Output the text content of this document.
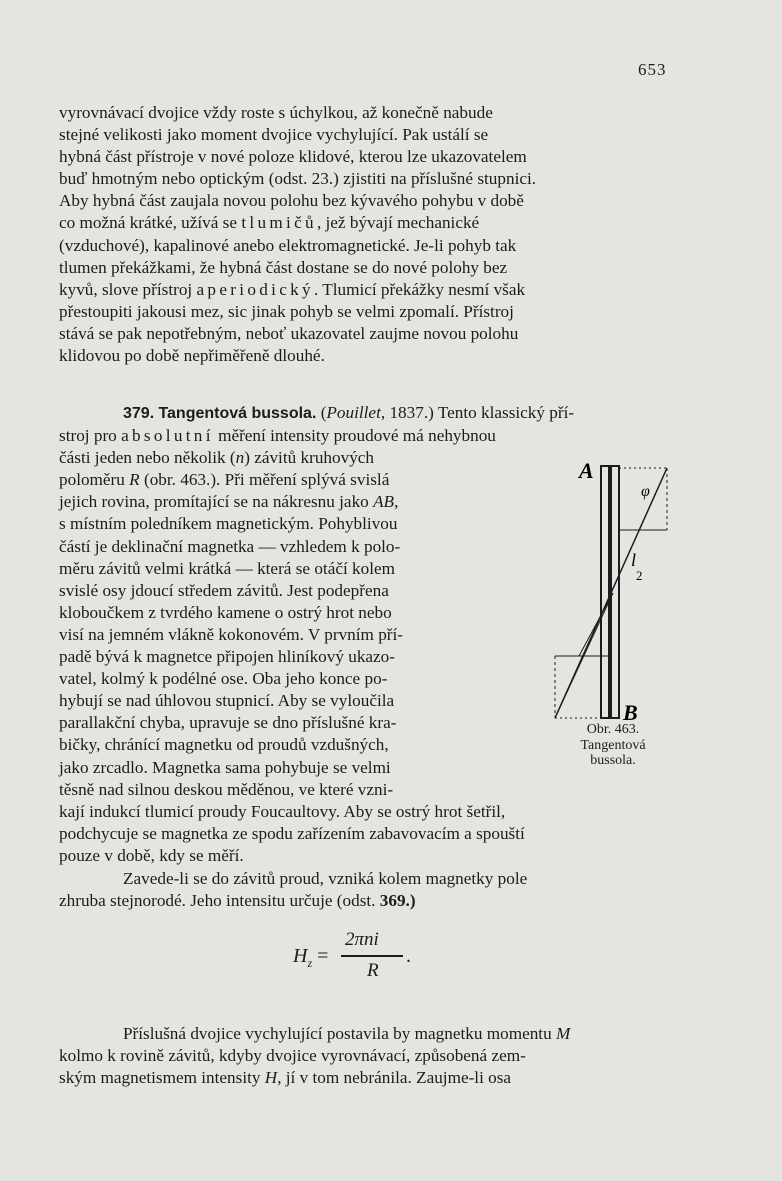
653

vyrovnávací dvojice vždy roste s úchylkou, až konečně nabude

stejné velikosti jako moment dvojice vychylující. Pak ustálí se

hybná část přístroje v nové poloze klidové, kterou lze ukazovatelem

buď hmotným nebo optickým (odst. 23.) zjistiti na příslušné stupnici.

Aby hybná část zaujala novou polohu bez kývavého pohybu v době

co možná krátké, užívá se tlumičů, jež bývají mechanické

(vzduchové), kapalinové anebo elektromagnetické. Je-li pohyb tak

tlumen překážkami, že hybná část dostane se do nové polohy bez

kyvů, slove přístroj aperiodický. Tlumicí překážky nesmí však

přestoupiti jakousi mez, sic jinak pohyb se velmi zpomalí. Přístroj

stává se pak nepotřebným, neboť ukazovatel zaujme novou polohu

klidovou po době nepřiměřeně dlouhé.

379. Tangentová bussola. (Pouillet, 1837.) Tento klassický pří-

stroj pro absolutní měření intensity proudové má nehybnou

části jeden nebo několik (n) závitů kruhových

poloměru R (obr. 463.). Při měření splývá svislá

jejich rovina, promítající se na nákresnu jako AB,

s místním poledníkem magnetickým. Pohyblivou

částí je deklinační magnetka — vzhledem k polo-

měru závitů velmi krátká — která se otáčí kolem

svislé osy jdoucí středem závitů. Jest podepřena

kloboučkem z tvrdého kamene o ostrý hrot nebo

visí na jemném vlákně kokonovém. V prvním pří-

padě bývá k magnetce připojen hliníkový ukazo-

vatel, kolmý k podélné ose. Oba jeho konce po-

hybují se nad úhlovou stupnicí. Aby se vyloučila

parallakční chyba, upravuje se dno příslušné kra-

bičky, chránící magnetku od proudů vzdušných,

jako zrcadlo. Magnetka sama pohybuje se velmi

těsně nad silnou deskou měděnou, ve které vzni-

kají indukcí tlumicí proudy Foucaultovy. Aby se ostrý hrot šetřil,

podchycuje se magnetka ze spodu zařízením zabavovacím a spouští

pouze v době, kdy se měří.

A
B
φ
l
2
Obr. 463.
Tangentová
bussola.

Zavede-li se do závitů proud, vzniká kolem magnetky pole

zhruba stejnorodé. Jeho intensitu určuje (odst. 369.)

$H_z$ =
2πni
R
.

Příslušná dvojice vychylující postavila by magnetku momentu M

kolmo k rovině závitů, kdyby dvojice vyrovnávací, způsobená zem-

ským magnetismem intensity H, jí v tom nebránila. Zaujme-li osa
